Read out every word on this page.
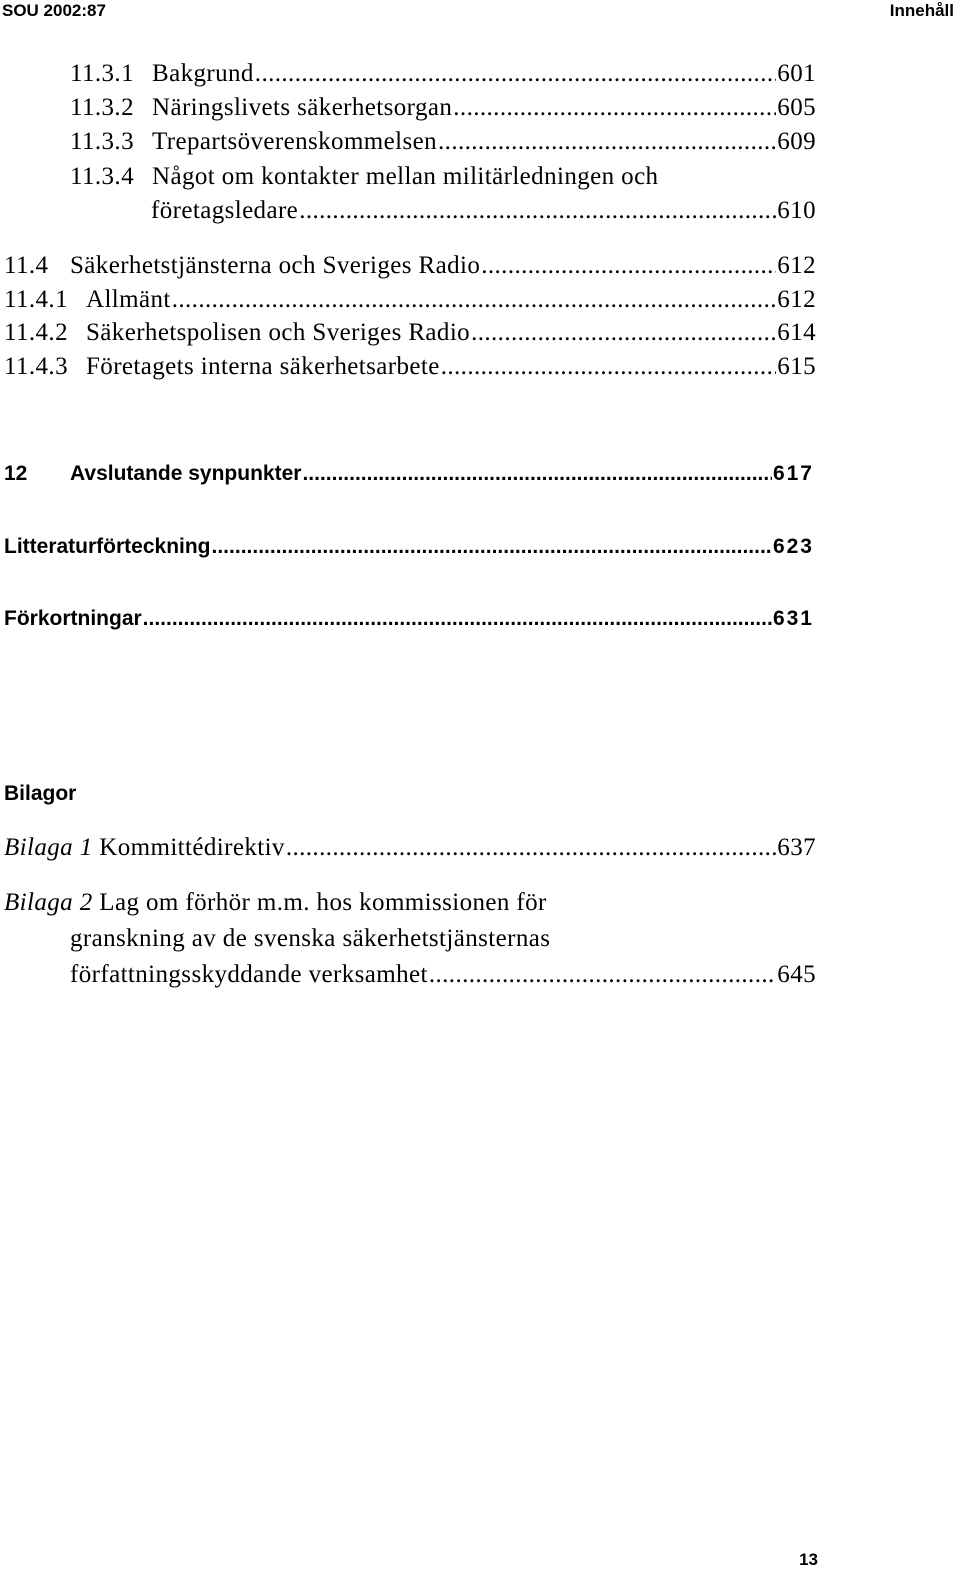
SOU 2002:87	Innehåll
11.3.1 Bakgrund .....	601
11.3.2 Näringslivets säkerhetsorgan .....	605
11.3.3 Trepartsöverenskommelsen .....	609
11.3.4 Något om kontakter mellan militärledningen och
företagsledare .....	610
11.4 Säkerhetstjänsterna och Sveriges Radio .....	612
11.4.1 Allmänt .....	612
11.4.2 Säkerhetspolisen och Sveriges Radio .....	614
11.4.3 Företagets interna säkerhetsarbete .....	615
12	Avslutande synpunkter .....	617
Litteraturförteckning .....	623
Förkortningar .....	631
Bilagor
Bilaga 1
Kommittédirektiv .....	637
Bilaga 2
Lag om förhör m.m. hos kommissionen för
granskning av de svenska säkerhetstjänsternas
författningsskyddande verksamhet .....	645
13
